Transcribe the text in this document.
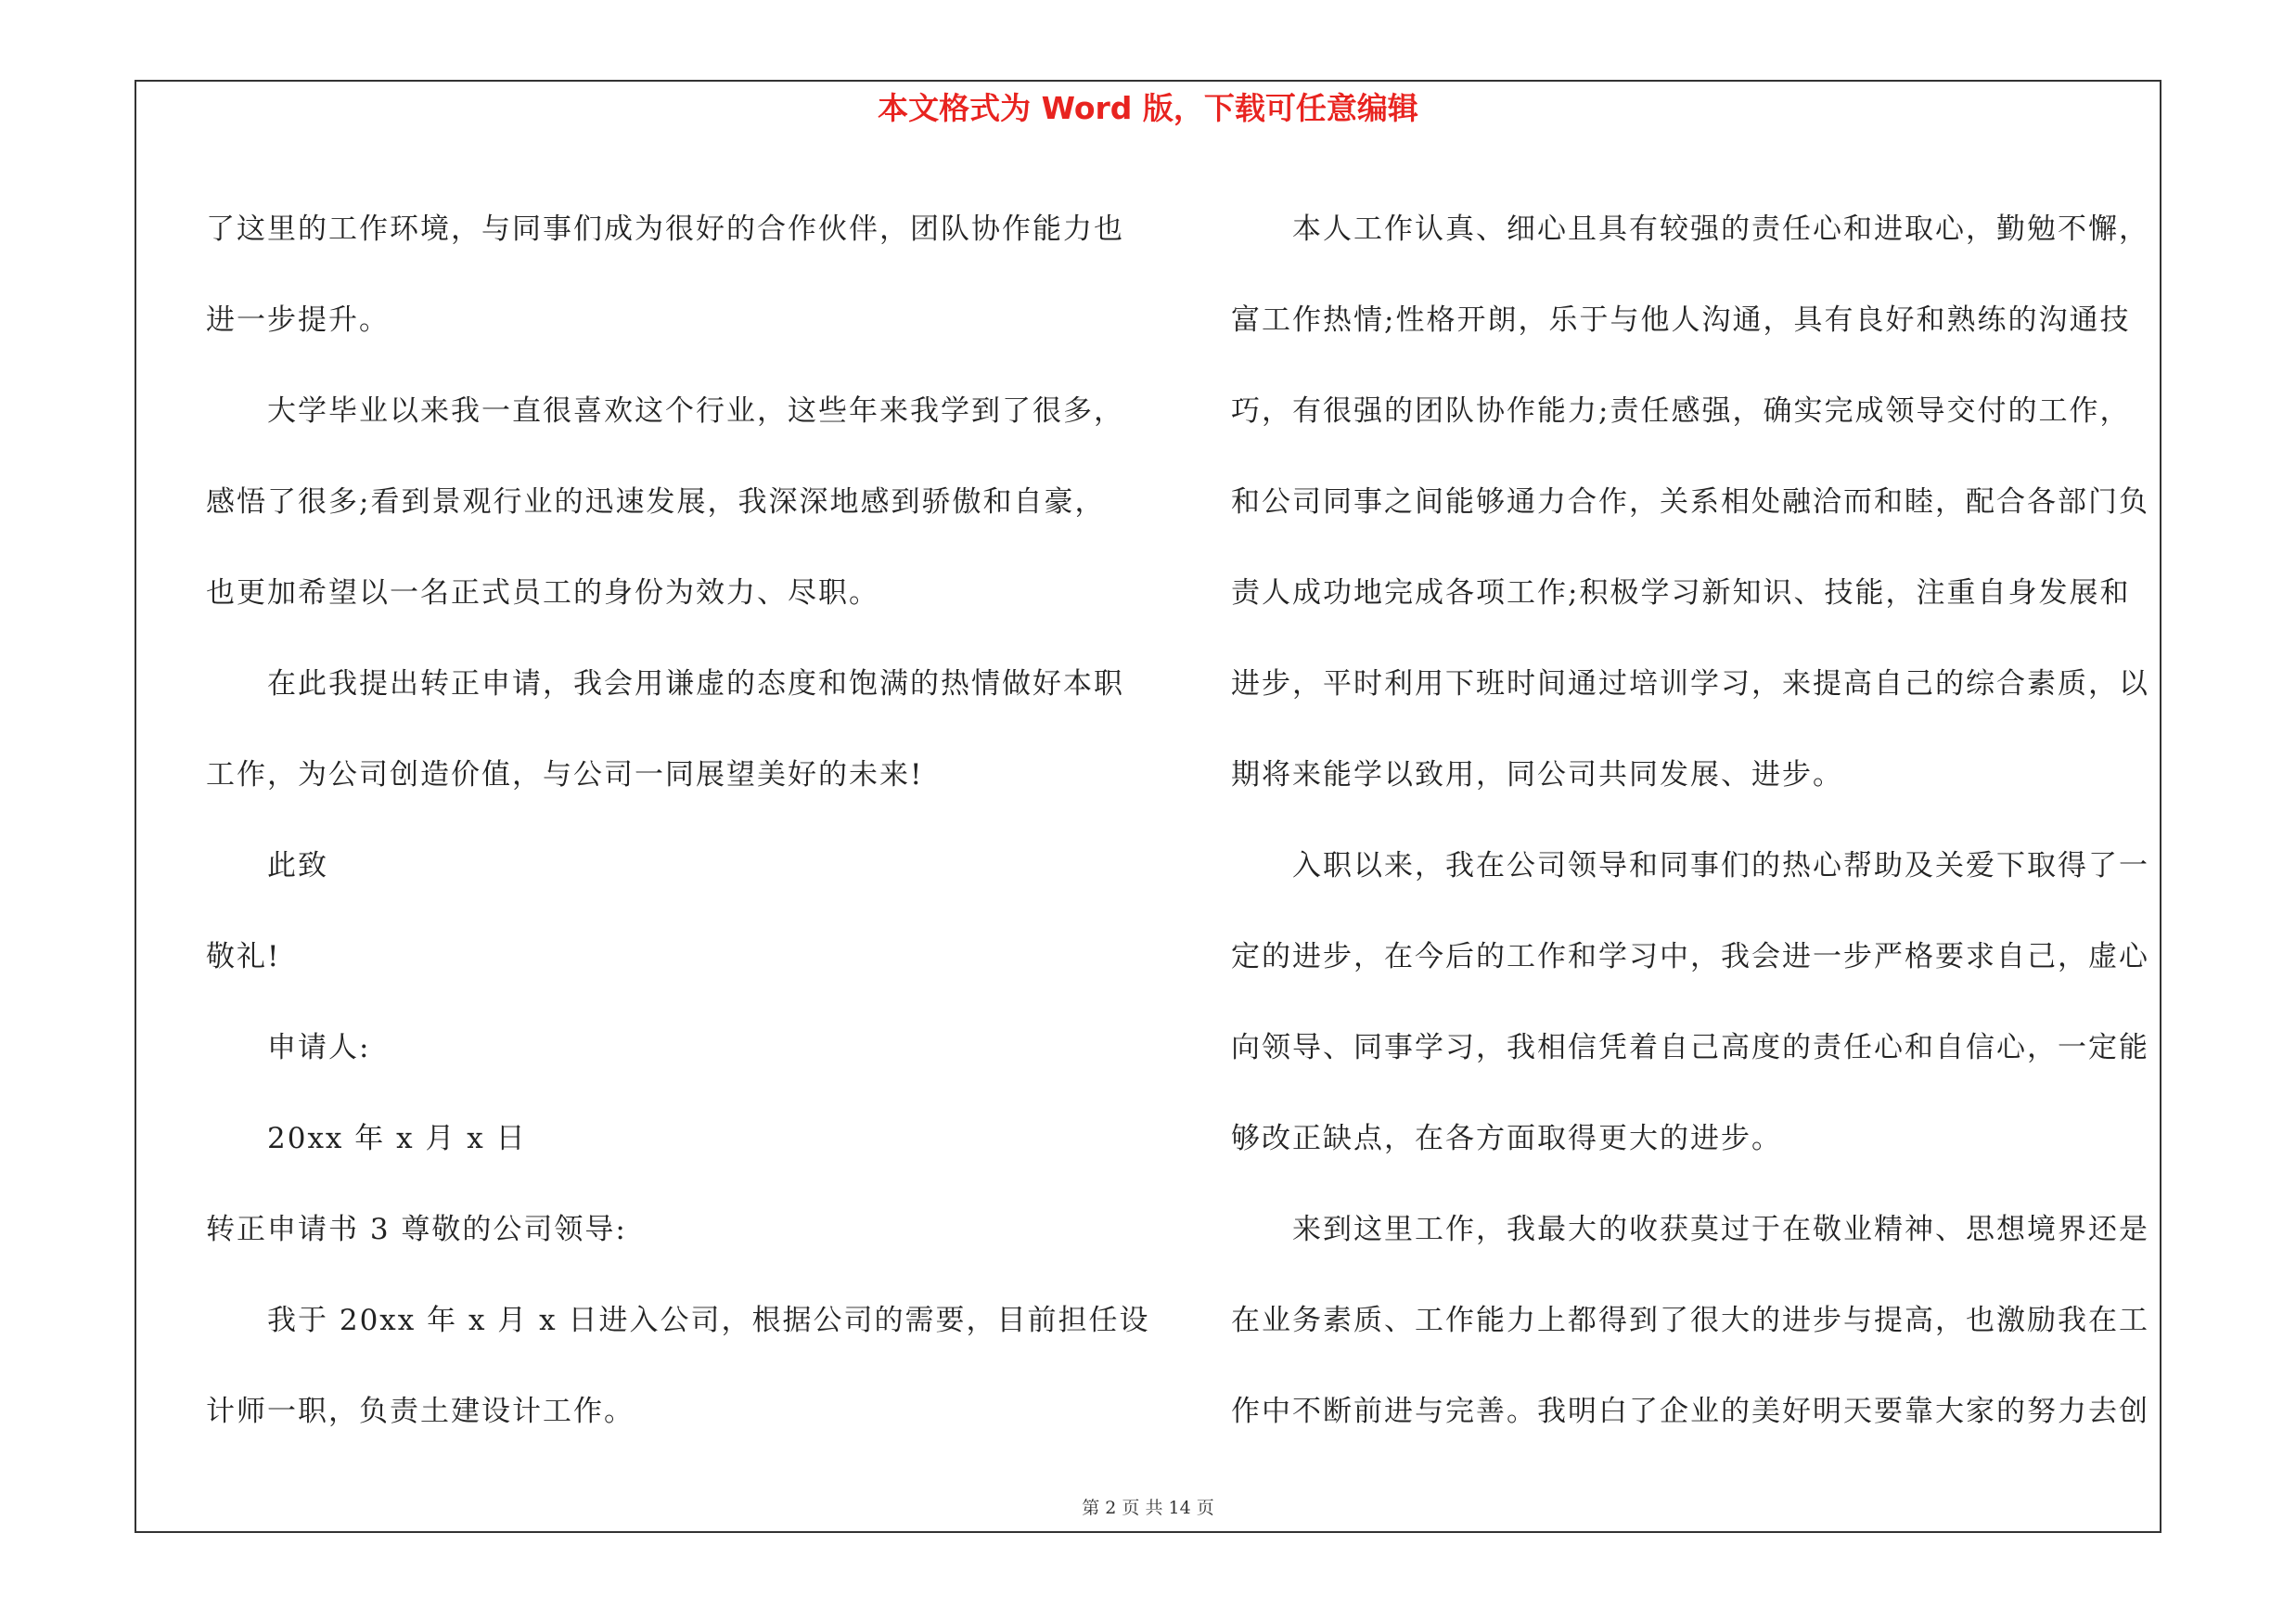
本文格式为 Word 版，下载可任意编辑
了这里的工作环境，与同事们成为很好的合作伙伴，团队协作能力也
进一步提升。
大学毕业以来我一直很喜欢这个行业，这些年来我学到了很多，
感悟了很多;看到景观行业的迅速发展，我深深地感到骄傲和自豪，
也更加希望以一名正式员工的身份为效力、尽职。
在此我提出转正申请，我会用谦虚的态度和饱满的热情做好本职
工作，为公司创造价值，与公司一同展望美好的未来!
此致
敬礼!
申请人:
20xx 年 x 月 x 日
转正申请书 3 尊敬的公司领导:
我于 20xx 年 x 月 x 日进入公司，根据公司的需要，目前担任设
计师一职，负责土建设计工作。
本人工作认真、细心且具有较强的责任心和进取心，勤勉不懈，
富工作热情;性格开朗，乐于与他人沟通，具有良好和熟练的沟通技
巧，有很强的团队协作能力;责任感强，确实完成领导交付的工作，
和公司同事之间能够通力合作，关系相处融洽而和睦，配合各部门负
责人成功地完成各项工作;积极学习新知识、技能，注重自身发展和
进步，平时利用下班时间通过培训学习，来提高自己的综合素质，以
期将来能学以致用，同公司共同发展、进步。
入职以来，我在公司领导和同事们的热心帮助及关爱下取得了一
定的进步，在今后的工作和学习中，我会进一步严格要求自己，虚心
向领导、同事学习，我相信凭着自己高度的责任心和自信心，一定能
够改正缺点，在各方面取得更大的进步。
来到这里工作，我最大的收获莫过于在敬业精神、思想境界还是
在业务素质、工作能力上都得到了很大的进步与提高，也激励我在工
作中不断前进与完善。我明白了企业的美好明天要靠大家的努力去创
第 2 页 共 14 页
